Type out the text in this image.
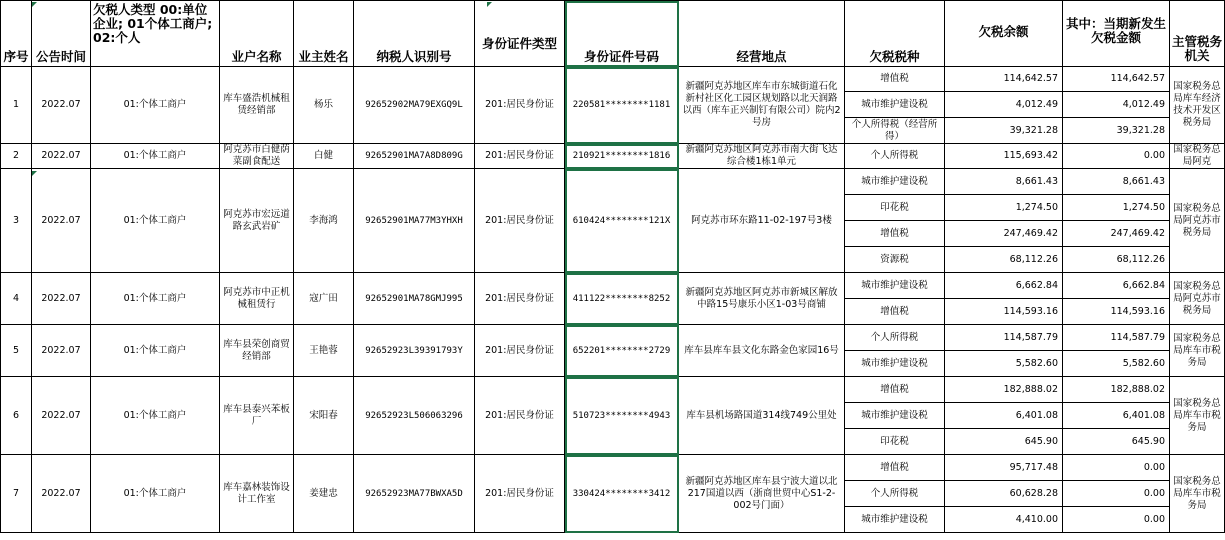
序号	公告时间	欠税人类型 00:单位企业; 01个体工商户; 02:个人	业户名称	业主姓名	纳税人识别号	身份证件类型	身份证件号码	经营地点	欠税税种	欠税余额	其中：当期新发生欠税金额	主管税务机关
1	2022.07	01:个体工商户	库车盛浩机械租赁经销部	杨乐	92652902MA79EXGQ9L	201:居民身份证	220581********1181	新疆阿克苏地区库车市东城街道石化新村社区化工园区规划路以北天润路以西（库车正兴制钉有限公司）院内2号房	增值税	114,642.57	114,642.57	国家税务总局库车经济技术开发区税务局
									城市维护建设税	4,012.49	4,012.49	
									个人所得税（经营所得）	39,321.28	39,321.28	
2	2022.07	01:个体工商户	阿克苏市白健荫菜副食配送	白健	92652901MA7A8D809G	201:居民身份证	210921********1816	新疆阿克苏地区阿克苏市南大街飞达综合楼1栋1单元	个人所得税	115,693.42	0.00	国家税务总局阿克
3	2022.07	01:个体工商户	阿克苏市宏远道路玄武岩矿	李海鸿	92652901MA77M3YHXH	201:居民身份证	610424********121X	阿克苏市环东路11-02-197号3楼	城市维护建设税	8,661.43	8,661.43	国家税务总局阿克苏市税务局
									印花税	1,274.50	1,274.50	
									增值税	247,469.42	247,469.42	
									资源税	68,112.26	68,112.26	
4	2022.07	01:个体工商户	阿克苏市中正机械租赁行	寇广田	92652901MA78GMJ995	201:居民身份证	411122********8252	新疆阿克苏地区阿克苏市新城区解放中路15号康乐小区1-03号商铺	城市维护建设税	6,662.84	6,662.84	国家税务总局阿克苏市税务局
									增值税	114,593.16	114,593.16	
5	2022.07	01:个体工商户	库车县荣创商贸经销部	王艳蓉	92652923L39391793Y	201:居民身份证	652201********2729	库车县库车县文化东路金色家园16号	个人所得税	114,587.79	114,587.79	国家税务总局库车市税务局
									城市维护建设税	5,582.60	5,582.60	
6	2022.07	01:个体工商户	库车县泰兴苯板厂	宋阳春	92652923L506063296	201:居民身份证	510723********4943	库车县机场路国道314线749公里处	增值税	182,888.02	182,888.02	国家税务总局库车市税务局
									城市维护建设税	6,401.08	6,401.08	
									印花税	645.90	645.90	
7	2022.07	01:个体工商户	库车嘉林装饰设计工作室	姜建忠	92652923MA77BWXA5D	201:居民身份证	330424********3412	新疆阿克苏地区库车县宁波大道以北217国道以西（浙商世贸中心S1-2-002号门面）	增值税	95,717.48	0.00	国家税务总局库车市税务局
									个人所得税	60,628.28	0.00	
									城市维护建设税	4,410.00	0.00	
